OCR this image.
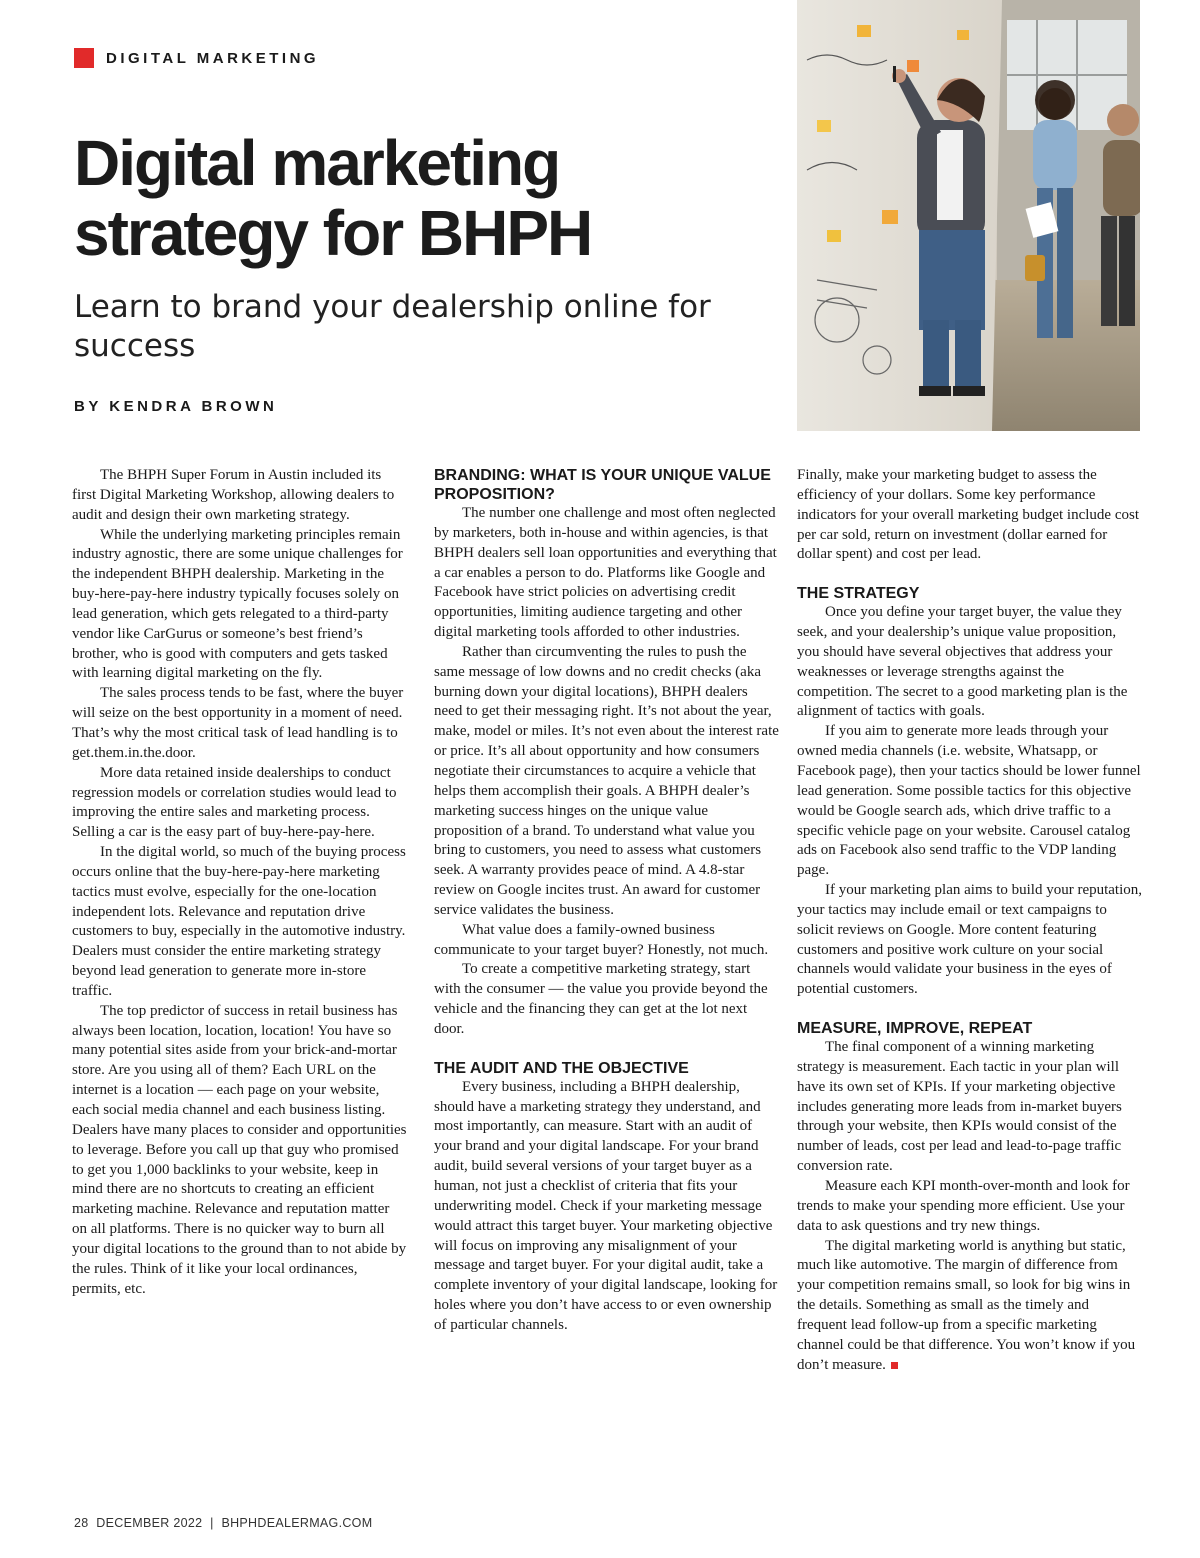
DIGITAL MARKETING
Digital marketing strategy for BHPH
Learn to brand your dealership online for success
BY KENDRA BROWN

The BHPH Super Forum in Austin included its first Digital Marketing Workshop, allowing dealers to audit and design their own marketing strategy.

While the underlying marketing principles remain industry agnostic, there are some unique challenges for the independent BHPH dealership. Marketing in the buy-here-pay-here industry typically focuses solely on lead generation, which gets relegated to a third-party vendor like CarGurus or someone’s best friend’s brother, who is good with computers and gets tasked with learning digital marketing on the fly.

The sales process tends to be fast, where the buyer will seize on the best opportunity in a moment of need. That’s why the most critical task of lead handling is to get.them.in.the.door.

More data retained inside dealerships to conduct regression models or correlation studies would lead to improving the entire sales and marketing process. Selling a car is the easy part of buy-here-pay-here.

In the digital world, so much of the buying process occurs online that the buy-here-pay-here marketing tactics must evolve, especially for the one-location independent lots. Relevance and reputation drive customers to buy, especially in the automotive industry. Dealers must consider the entire marketing strategy beyond lead generation to generate more in-store traffic.

The top predictor of success in retail business has always been location, location, location! You have so many potential sites aside from your brick-and-mortar store. Are you using all of them? Each URL on the internet is a location — each page on your website, each social media channel and each business listing. Dealers have many places to consider and opportunities to leverage. Before you call up that guy who promised to get you 1,000 backlinks to your website, keep in mind there are no shortcuts to creating an efficient marketing machine. Relevance and reputation matter on all platforms. There is no quicker way to burn all your digital locations to the ground than to not abide by the rules. Think of it like your local ordinances, permits, etc.

BRANDING: WHAT IS YOUR UNIQUE VALUE PROPOSITION?

The number one challenge and most often neglected by marketers, both in-house and within agencies, is that BHPH dealers sell loan opportunities and everything that a car enables a person to do. Platforms like Google and Facebook have strict policies on advertising credit opportunities, limiting audience targeting and other digital marketing tools afforded to other industries.

Rather than circumventing the rules to push the same message of low downs and no credit checks (aka burning down your digital locations), BHPH dealers need to get their messaging right. It’s not about the year, make, model or miles. It’s not even about the interest rate or price. It’s all about opportunity and how consumers negotiate their circumstances to acquire a vehicle that helps them accomplish their goals. A BHPH dealer’s marketing success hinges on the unique value proposition of a brand. To understand what value you bring to customers, you need to assess what customers seek. A warranty provides peace of mind. A 4.8-star review on Google incites trust. An award for customer service validates the business.

What value does a family-owned business communicate to your target buyer? Honestly, not much.

To create a competitive marketing strategy, start with the consumer — the value you provide beyond the vehicle and the financing they can get at the lot next door.

THE AUDIT AND THE OBJECTIVE

Every business, including a BHPH dealership, should have a marketing strategy they understand, and most importantly, can measure. Start with an audit of your brand and your digital landscape. For your brand audit, build several versions of your target buyer as a human, not just a checklist of criteria that fits your underwriting model. Check if your marketing message would attract this target buyer. Your marketing objective will focus on improving any misalignment of your message and target buyer. For your digital audit, take a complete inventory of your digital landscape, looking for holes where you don’t have access to or even ownership of particular channels.

Finally, make your marketing budget to assess the efficiency of your dollars. Some key performance indicators for your overall marketing budget include cost per car sold, return on investment (dollar earned for dollar spent) and cost per lead.

THE STRATEGY

Once you define your target buyer, the value they seek, and your dealership’s unique value proposition, you should have several objectives that address your weaknesses or leverage strengths against the competition. The secret to a good marketing plan is the alignment of tactics with goals.

If you aim to generate more leads through your owned media channels (i.e. website, Whatsapp, or Facebook page), then your tactics should be lower funnel lead generation. Some possible tactics for this objective would be Google search ads, which drive traffic to a specific vehicle page on your website. Carousel catalog ads on Facebook also send traffic to the VDP landing page.

If your marketing plan aims to build your reputation, your tactics may include email or text campaigns to solicit reviews on Google. More content featuring customers and positive work culture on your social channels would validate your business in the eyes of potential customers.

MEASURE, IMPROVE, REPEAT

The final component of a winning marketing strategy is measurement. Each tactic in your plan will have its own set of KPIs. If your marketing objective includes generating more leads from in-market buyers through your website, then KPIs would consist of the number of leads, cost per lead and lead-to-page traffic conversion rate.

Measure each KPI month-over-month and look for trends to make your spending more efficient. Use your data to ask questions and try new things.

The digital marketing world is anything but static, much like automotive. The margin of difference from your competition remains small, so look for big wins in the details. Something as small as the timely and frequent lead follow-up from a specific marketing channel could be that difference. You won’t know if you don’t measure.

28 DECEMBER 2022 | BHPHDEALERMAG.COM
